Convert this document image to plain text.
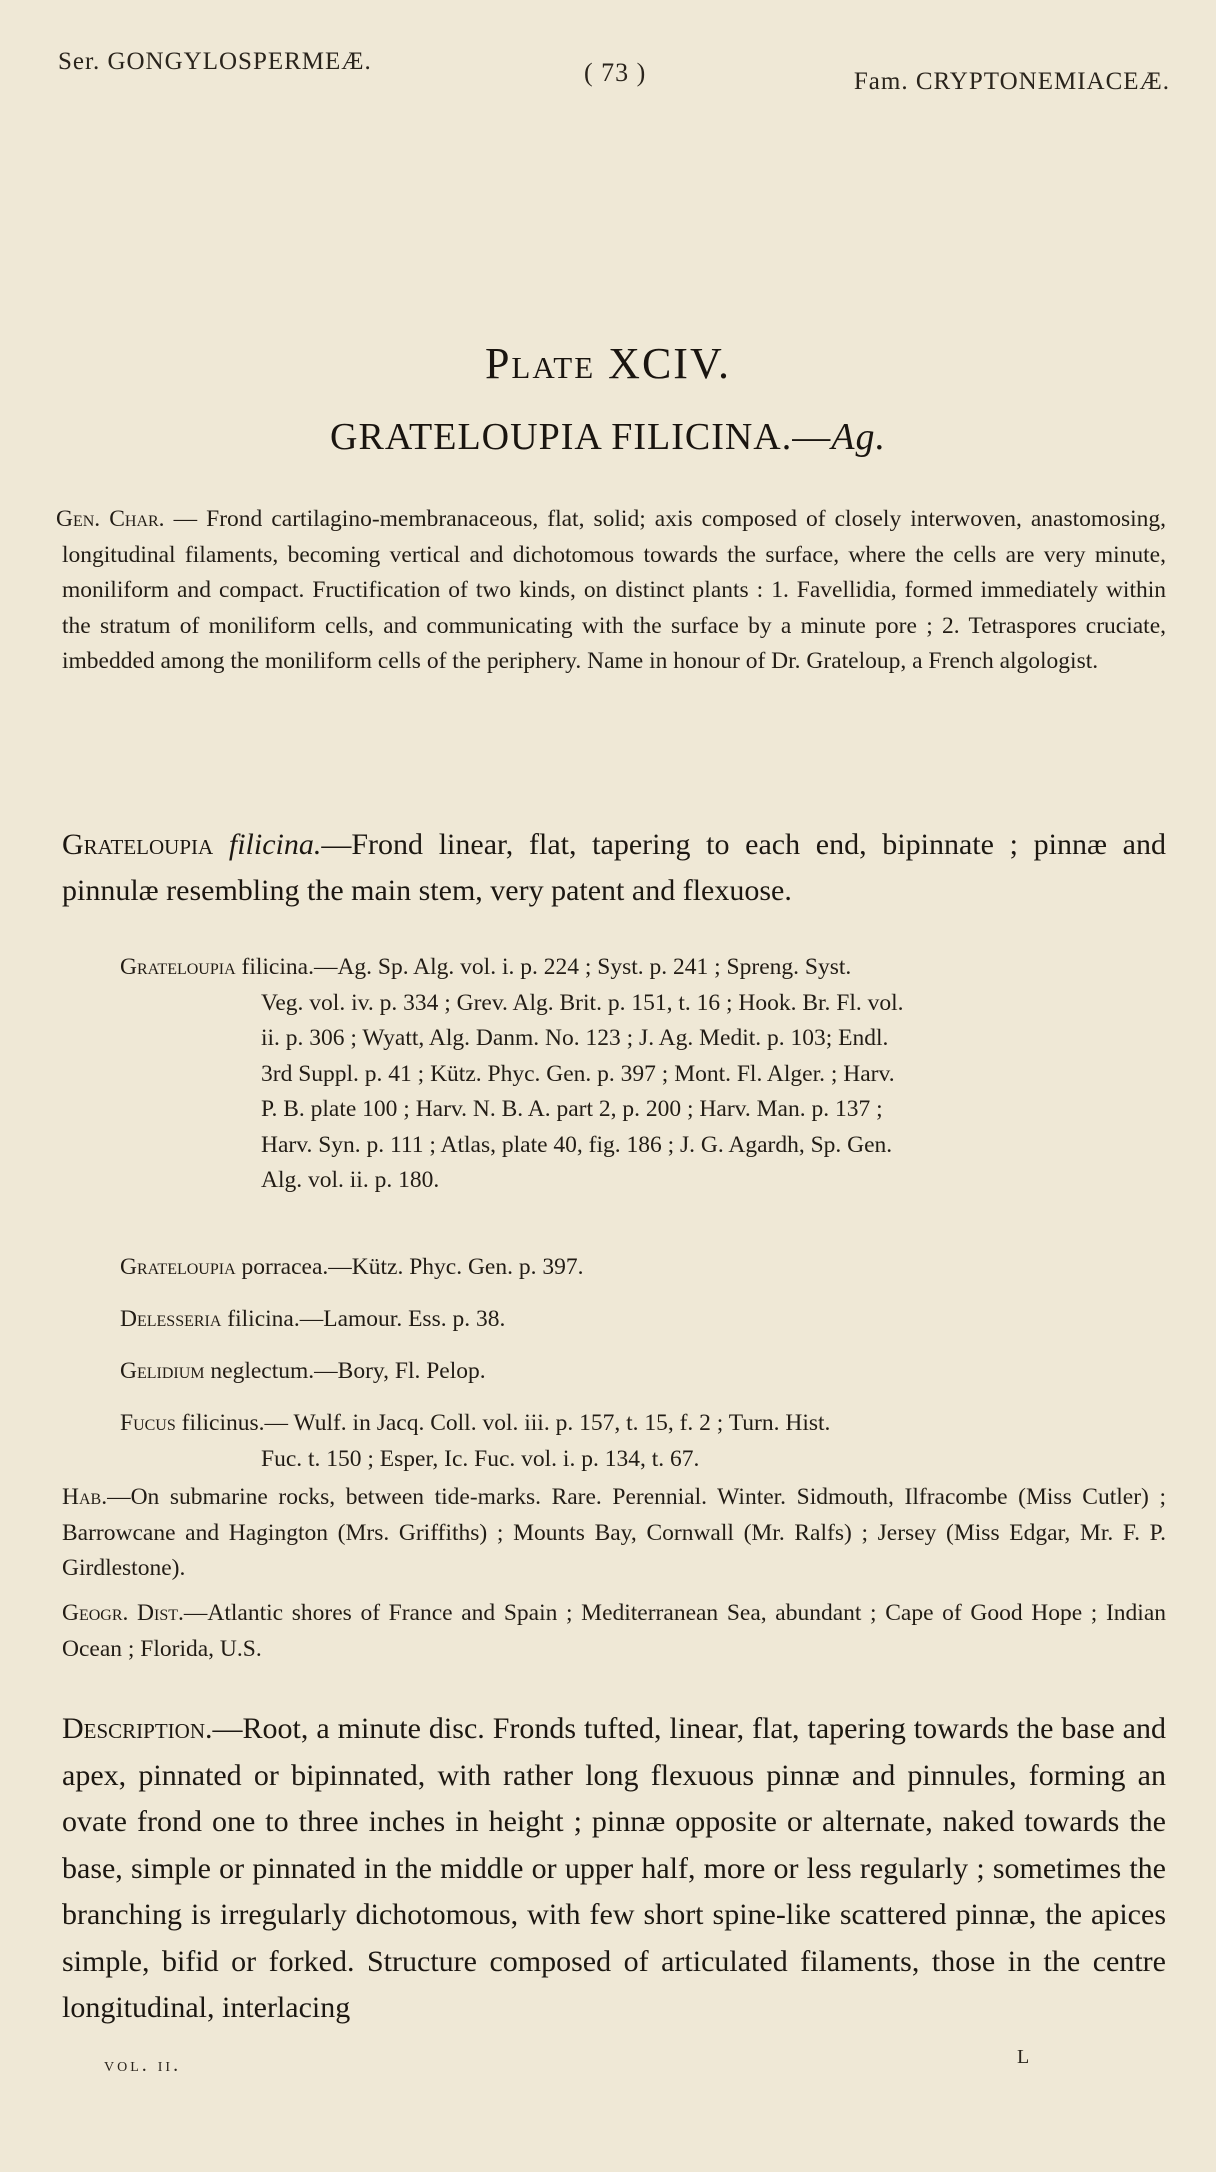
Ser. GONGYLOSPERMEÆ.	( 73 )	Fam. CRYPTONEMIACEÆ.
Plate XCIV.
GRATELOUPIA FILICINA.—Ag.
Gen. Char. — Frond cartilagino-membranaceous, flat, solid; axis composed of closely interwoven, anastomosing, longitudinal filaments, becoming vertical and dichotomous towards the surface, where the cells are very minute, moniliform and compact. Fructification of two kinds, on distinct plants : 1. Favellidia, formed immediately within the stratum of moniliform cells, and communicating with the surface by a minute pore ; 2. Tetraspores cruciate, imbedded among the moniliform cells of the periphery. Name in honour of Dr. Grateloup, a French algologist.
Grateloupia filicina.—Frond linear, flat, tapering to each end, bipinnate ; pinnæ and pinnulæ resembling the main stem, very patent and flexuose.
Grateloupia filicina.—Ag. Sp. Alg. vol. i. p. 224 ; Syst. p. 241 ; Spreng. Syst.
Veg. vol. iv. p. 334 ; Grev. Alg. Brit. p. 151, t. 16 ; Hook. Br. Fl. vol.
ii. p. 306 ; Wyatt, Alg. Danm. No. 123 ; J. Ag. Medit. p. 103; Endl.
3rd Suppl. p. 41 ; Kütz. Phyc. Gen. p. 397 ; Mont. Fl. Alger. ; Harv.
P. B. plate 100 ; Harv. N. B. A. part 2, p. 200 ; Harv. Man. p. 137 ;
Harv. Syn. p. 111 ; Atlas, plate 40, fig. 186 ; J. G. Agardh, Sp. Gen.
Alg. vol. ii. p. 180.
Grateloupia porracea.—Kütz. Phyc. Gen. p. 397.
Delesseria filicina.—Lamour. Ess. p. 38.
Gelidium neglectum.—Bory, Fl. Pelop.
Fucus filicinus.— Wulf. in Jacq. Coll. vol. iii. p. 157, t. 15, f. 2 ; Turn. Hist.
Fuc. t. 150 ; Esper, Ic. Fuc. vol. i. p. 134, t. 67.
Hab.—On submarine rocks, between tide-marks. Rare. Perennial. Winter. Sidmouth, Ilfracombe (Miss Cutler) ; Barrowcane and Hagington (Mrs. Griffiths) ; Mounts Bay, Cornwall (Mr. Ralfs) ; Jersey (Miss Edgar, Mr. F. P. Girdlestone).
Geogr. Dist.—Atlantic shores of France and Spain ; Mediterranean Sea, abundant ; Cape of Good Hope ; Indian Ocean ; Florida, U.S.
Description.—Root, a minute disc. Fronds tufted, linear, flat, tapering towards the base and apex, pinnated or bipinnated, with rather long flexuous pinnæ and pinnules, forming an ovate frond one to three inches in height ; pinnæ opposite or alternate, naked towards the base, simple or pinnated in the middle or upper half, more or less regularly ; sometimes the branching is irregularly dichotomous, with few short spine-like scattered pinnæ, the apices simple, bifid or forked. Structure composed of articulated filaments, those in the centre longitudinal, interlacing
vol. ii.	L
